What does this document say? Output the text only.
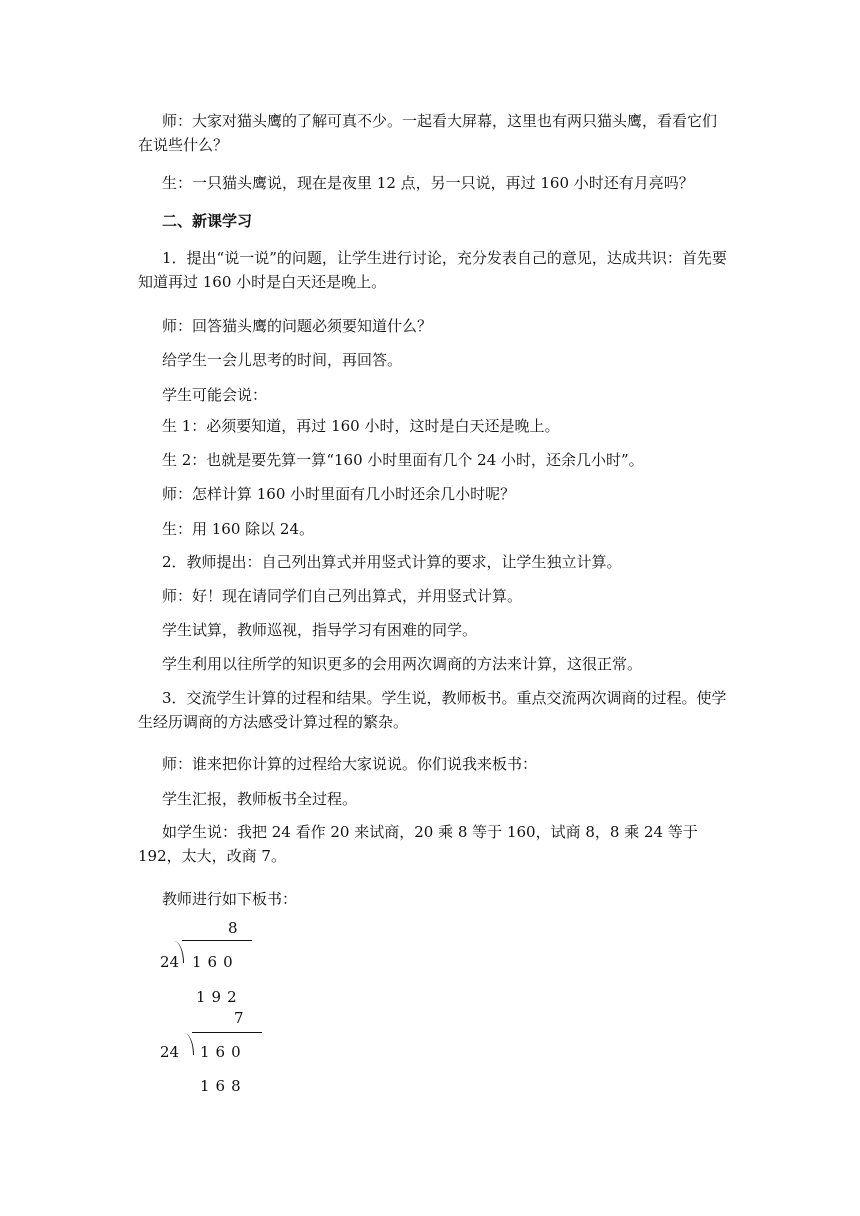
师：大家对猫头鹰的了解可真不少。一起看大屏幕，这里也有两只猫头鹰，看看它们在说些什么？

生：一只猫头鹰说，现在是夜里 12 点，另一只说，再过 160 小时还有月亮吗？

二、新课学习

1．提出“说一说”的问题，让学生进行讨论，充分发表自己的意见，达成共识：首先要知道再过 160 小时是白天还是晚上。

师：回答猫头鹰的问题必须要知道什么？

给学生一会儿思考的时间，再回答。

学生可能会说：

生 1：必须要知道，再过 160 小时，这时是白天还是晚上。

生 2：也就是要先算一算“160 小时里面有几个 24 小时，还余几小时”。

师：怎样计算 160 小时里面有几小时还余几小时呢？

生：用 160 除以 24。

2．教师提出：自己列出算式并用竖式计算的要求，让学生独立计算。

师：好！现在请同学们自己列出算式，并用竖式计算。

学生试算，教师巡视，指导学习有困难的同学。

学生利用以往所学的知识更多的会用两次调商的方法来计算，这很正常。

3．交流学生计算的过程和结果。学生说，教师板书。重点交流两次调商的过程。使学生经历调商的方法感受计算过程的繁杂。

师：谁来把你计算的过程给大家说说。你们说我来板书：

学生汇报，教师板书全过程。

如学生说：我把 24 看作 20 来试商，20 乘 8 等于 160，试商 8，8 乘 24 等于 192，太大，改商 7。

教师进行如下板书：

8
24 160
192
7
24 160
168
